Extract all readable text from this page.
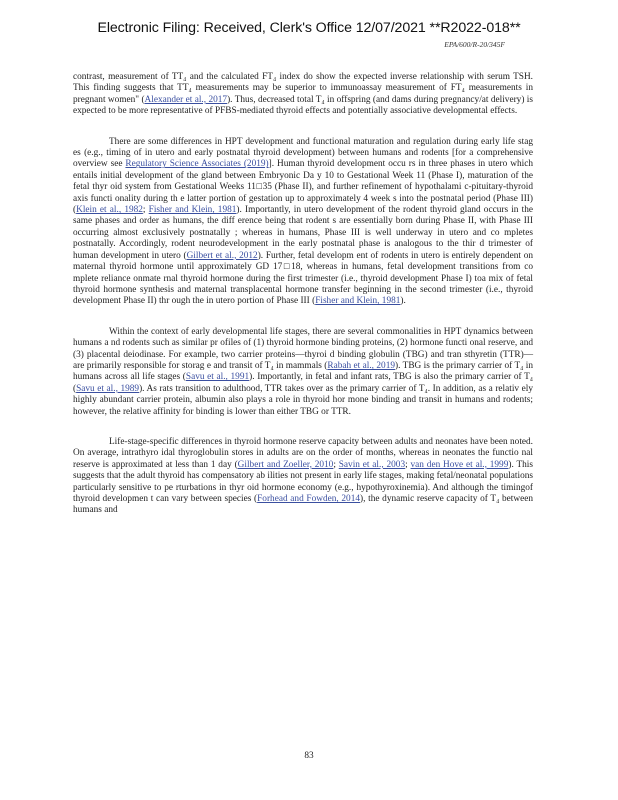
Electronic Filing: Received, Clerk's Office 12/07/2021 **R2022-018**
EPA/600/R-20/345F

contrast, measurement of TT₄ and the calculated FT₄ index do show the expected inverse relationship with serum TSH. This finding suggests that TT₄ measurements may be superior to immunoassay measurement of FT₄ measurements in pregnant women" (Alexander et al., 2017). Thus, decreased total T₄ in offspring (and dams during pregnancy/at delivery) is expected to be more representative of PFBS-mediated thyroid effects and potentially associative developmental effects.

There are some differences in HPT development and functional maturation and regulation during early life stag es (e.g., timing of in utero and early postnatal thyroid development) between humans and rodents [for a comprehensive overview see Regulatory Science Associates (2019)]. Human thyroid development occu rs in three phases in utero which entails initial development of the gland between Embryonic Da y 10 to Gestational Week 11 (Phase I), maturation of the fetal thyr oid system from Gestational Weeks 11□35 (Phase II), and further refinement of hypothalami c-pituitary-thyroid axis functi onality during th e latter portion of gestation up to approximately 4 week s into the postnatal period (Phase III) (Klein et al., 1982; Fisher and Klein, 1981). Importantly, in utero development of the rodent thyroid gland occurs in the same phases and order as humans, the diff erence being that rodent s are essentially born during Phase II, with Phase III occurring almost exclusively postnatally ; whereas in humans, Phase III is well underway in utero and co mpletes postnatally. Accordingly, rodent neurodevelopment in the early postnatal phase is analogous to the thir d trimester of human development in utero (Gilbert et al., 2012). Further, fetal developm ent of rodents in utero is entirely dependent on maternal thyroid hormone until approximately GD 17□18, whereas in humans, fetal development transitions from co mplete reliance onmate rnal thyroid hormone during the first trimester (i.e., thyroid development Phase I) toa mix of fetal thyroid hormone synthesis and maternal transplacental hormone transfer beginning in the second trimester (i.e., thyroid development Phase II) thr ough the in utero portion of Phase III (Fisher and Klein, 1981).

Within the context of early developmental life stages, there are several commonalities in HPT dynamics between humans a nd rodents such as similar pr ofiles of (1) thyroid hormone binding proteins, (2) hormone functi onal reserve, and (3) placental deiodinase. For example, two carrier proteins—thyroi d binding globulin (TBG) and tran sthyretin (TTR)—are primarily responsible for storag e and transit of T₄ in mammals (Rabah et al., 2019). TBG is the primary carrier of T₄ in humans across all life stages (Savu et al., 1991). Importantly, in fetal and infant rats, TBG is also the primary carrier of T₄ (Savu et al., 1989). As rats transition to adulthood, TTR takes over as the primary carrier of T₄. In addition, as a relativ ely highly abundant carrier protein, albumin also plays a role in thyroid hor mone binding and transit in humans and rodents; however, the relative affinity for binding is lower than either TBG or TTR.

Life-stage-specific differences in thyroid hormone reserve capacity between adults and neonates have been noted. On average, intrathyro idal thyroglobulin stores in adults are on the order of months, whereas in neonates the functio nal reserve is approximated at less than 1 day (Gilbert and Zoeller, 2010; Savin et al., 2003; van den Hove et al., 1999). This suggests that the adult thyroid has compensatory ab ilities not present in early life stages, making fetal/neonatal populations particularly sensitive to pe rturbations in thyr oid hormone economy (e.g., hypothyroxinemia). And although the timingof thyroid developmen t can vary between species (Forhead and Fowden, 2014), the dynamic reserve capacity of T₄ between humans and

83
